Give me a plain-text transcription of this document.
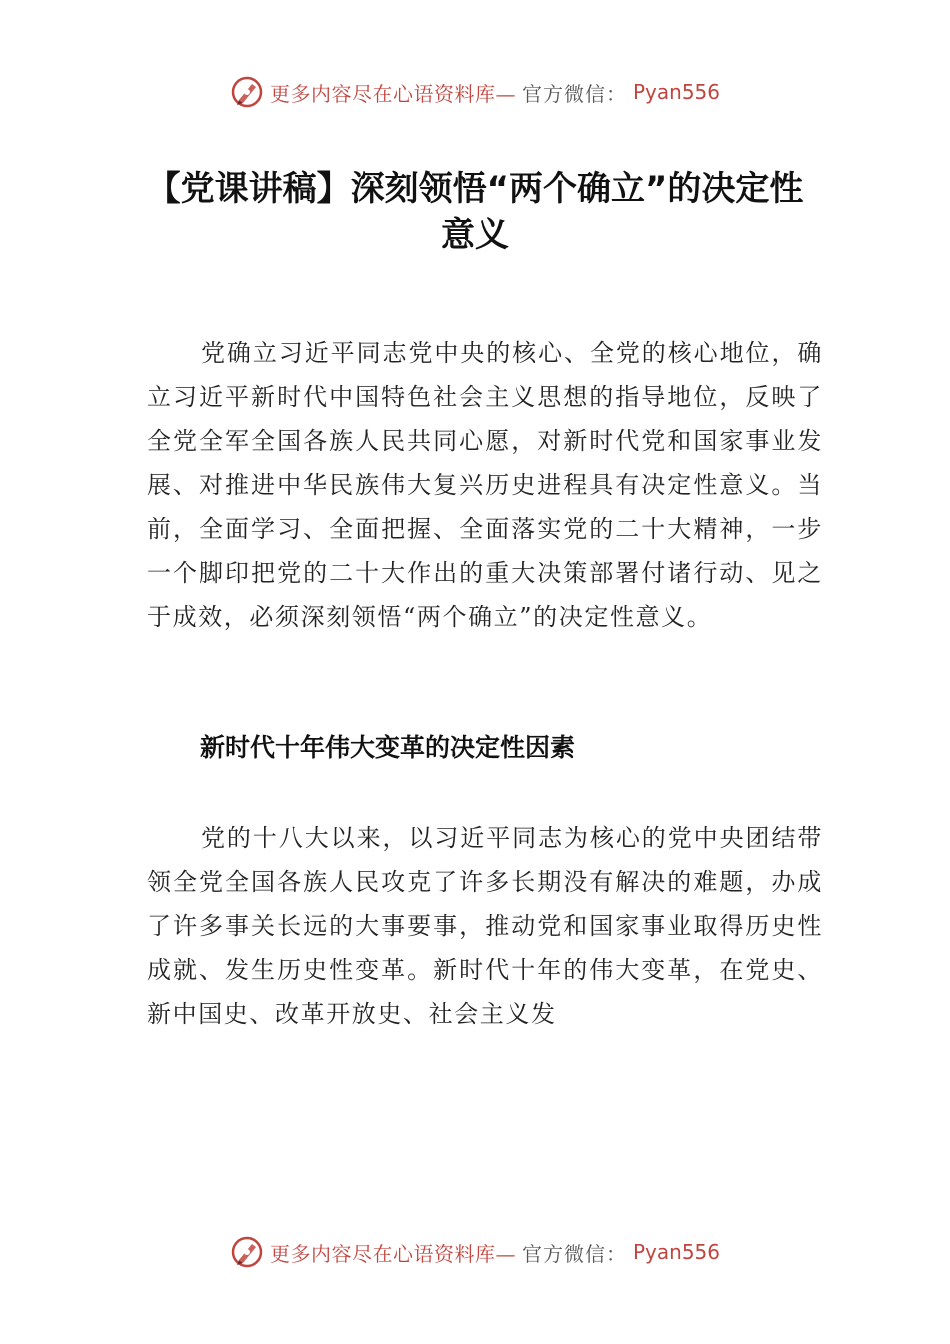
更多内容尽在心语资料库— 官方微信： Pyan556
【党课讲稿】深刻领悟“两个确立”的决定性意义

党确立习近平同志党中央的核心、全党的核心地位，确立习近平新时代中国特色社会主义思想的指导地位，反映了全党全军全国各族人民共同心愿，对新时代党和国家事业发展、对推进中华民族伟大复兴历史进程具有决定性意义。当前，全面学习、全面把握、全面落实党的二十大精神，一步一个脚印把党的二十大作出的重大决策部署付诸行动、见之于成效，必须深刻领悟“两个确立”的决定性意义。

新时代十年伟大变革的决定性因素

党的十八大以来，以习近平同志为核心的党中央团结带领全党全国各族人民攻克了许多长期没有解决的难题，办成了许多事关长远的大事要事，推动党和国家事业取得历史性成就、发生历史性变革。新时代十年的伟大变革，在党史、新中国史、改革开放史、社会主义发

更多内容尽在心语资料库— 官方微信： Pyan556
